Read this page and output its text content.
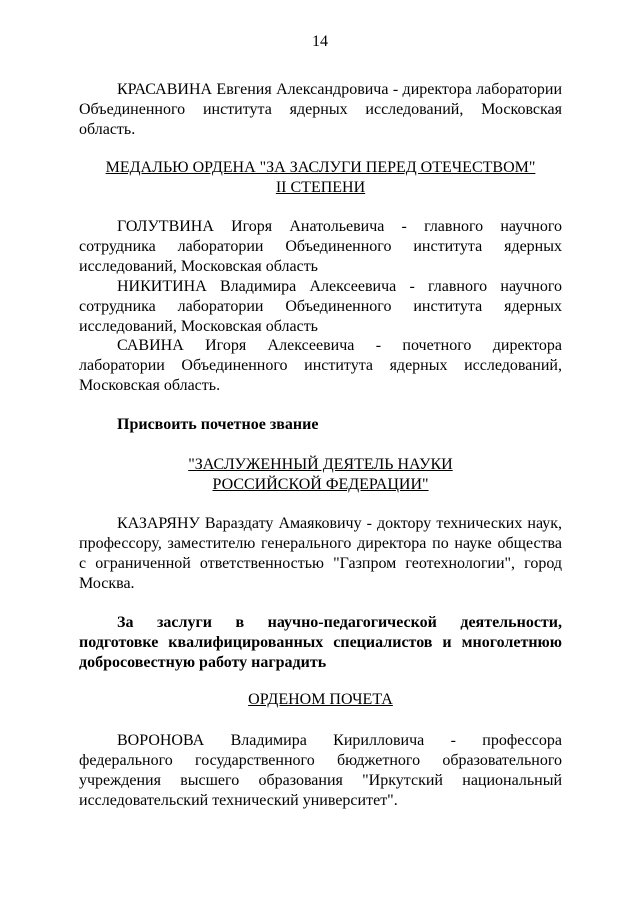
14

КРАСАВИНА Евгения Александровича - директора лаборатории Объединенного института ядерных исследований, Московская область.

МЕДАЛЬЮ ОРДЕНА "ЗА ЗАСЛУГИ ПЕРЕД ОТЕЧЕСТВОМ"
II СТЕПЕНИ

ГОЛУТВИНА Игоря Анатольевича - главного научного сотрудника лаборатории Объединенного института ядерных исследований, Московская область

НИКИТИНА Владимира Алексеевича - главного научного сотрудника лаборатории Объединенного института ядерных исследований, Московская область

САВИНА Игоря Алексеевича - почетного директора лаборатории Объединенного института ядерных исследований, Московская область.

Присвоить почетное звание

"ЗАСЛУЖЕННЫЙ ДЕЯТЕЛЬ НАУКИ
РОССИЙСКОЙ ФЕДЕРАЦИИ"

КАЗАРЯНУ Вараздату Амаяковичу - доктору технических наук, профессору, заместителю генерального директора по науке общества с ограниченной ответственностью "Газпром геотехнологии", город Москва.

За заслуги в научно-педагогической деятельности, подготовке квалифицированных специалистов и многолетнюю добросовестную работу наградить

ОРДЕНОМ ПОЧЕТА

ВОРОНОВА Владимира Кирилловича - профессора федерального государственного бюджетного образовательного учреждения высшего образования "Иркутский национальный исследовательский технический университет".
